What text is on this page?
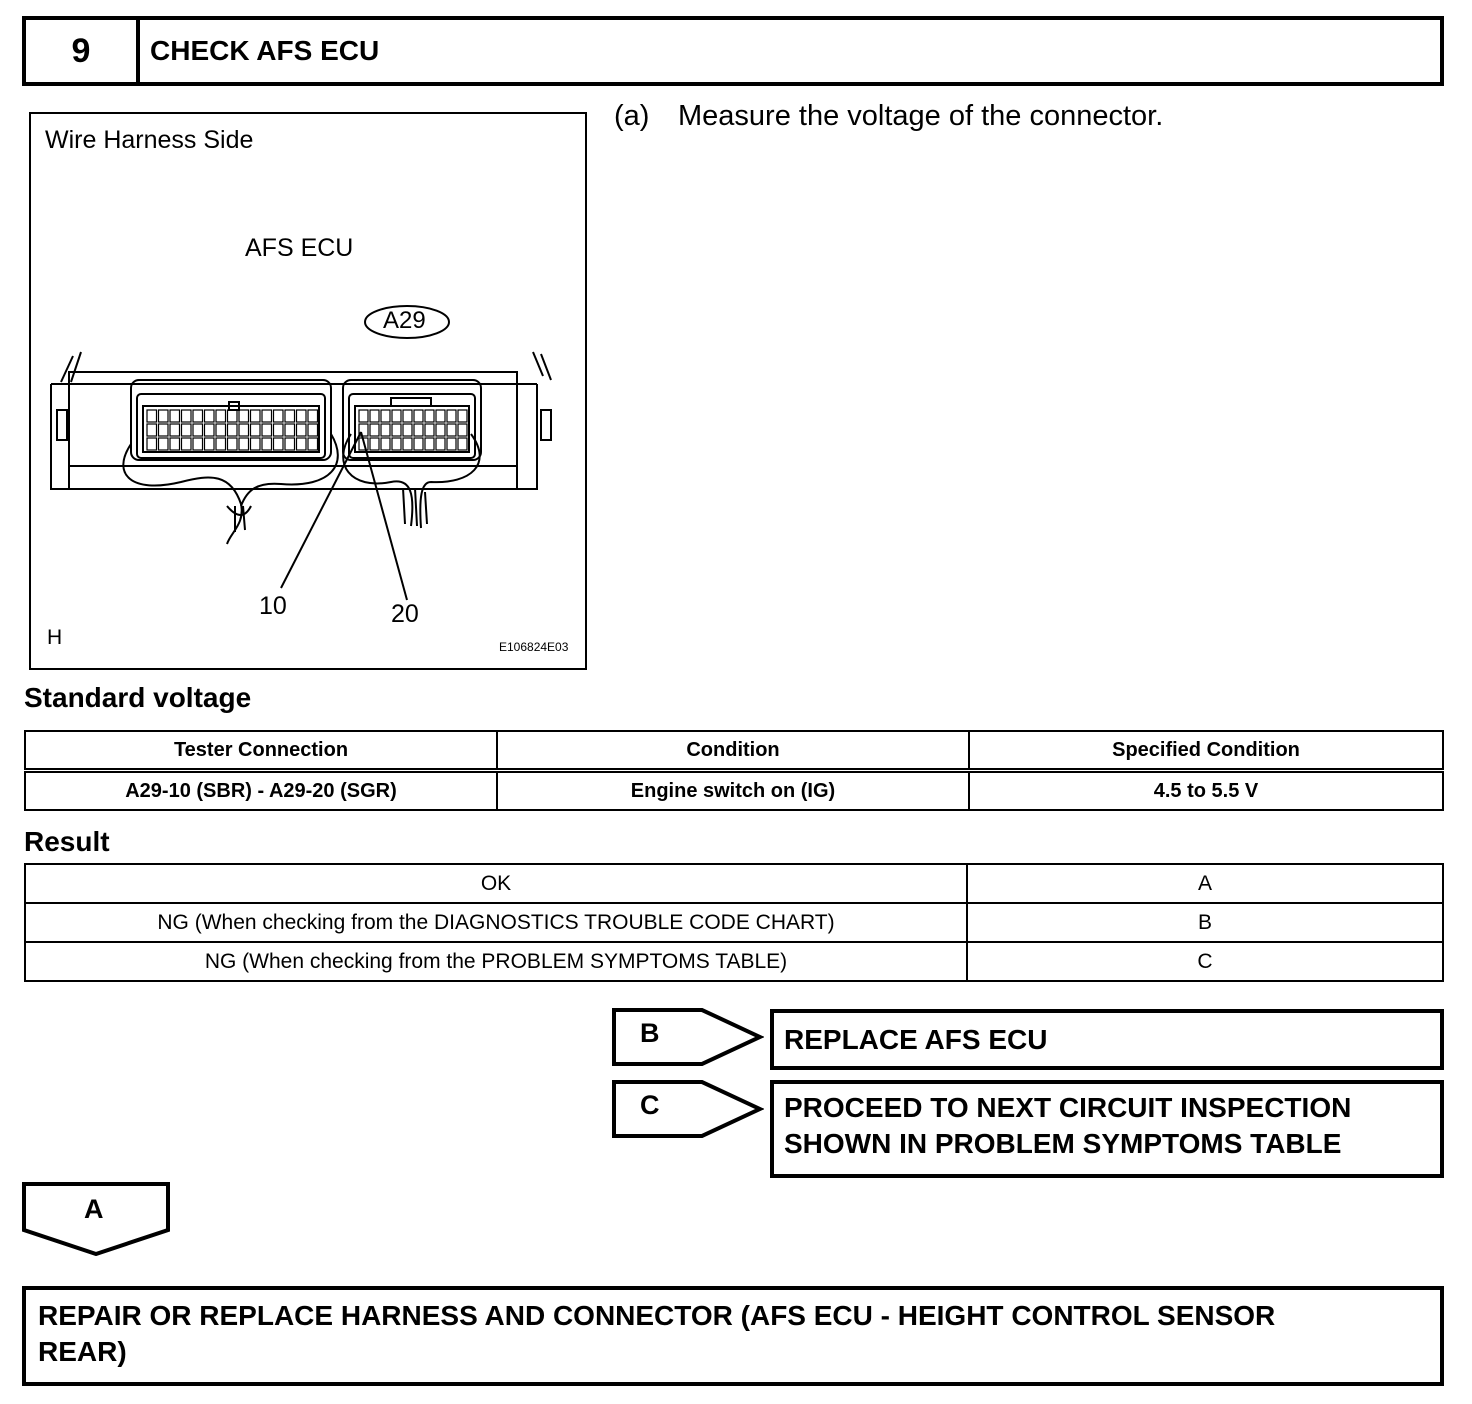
9	CHECK AFS ECU
Wire Harness Side
AFS ECU
A29
10	20
H	E106824E03
(a) Measure the voltage of the connector.
Standard voltage
Tester Connection	Condition	Specified Condition
A29-10 (SBR) - A29-20 (SGR)	Engine switch on (IG)	4.5 to 5.5 V
Result
OK	A
NG (When checking from the DIAGNOSTICS TROUBLE CODE CHART)	B
NG (When checking from the PROBLEM SYMPTOMS TABLE)	C
B	REPLACE AFS ECU
C	PROCEED TO NEXT CIRCUIT INSPECTION
SHOWN IN PROBLEM SYMPTOMS TABLE
A
REPAIR OR REPLACE HARNESS AND CONNECTOR (AFS ECU - HEIGHT CONTROL SENSOR
REAR)
